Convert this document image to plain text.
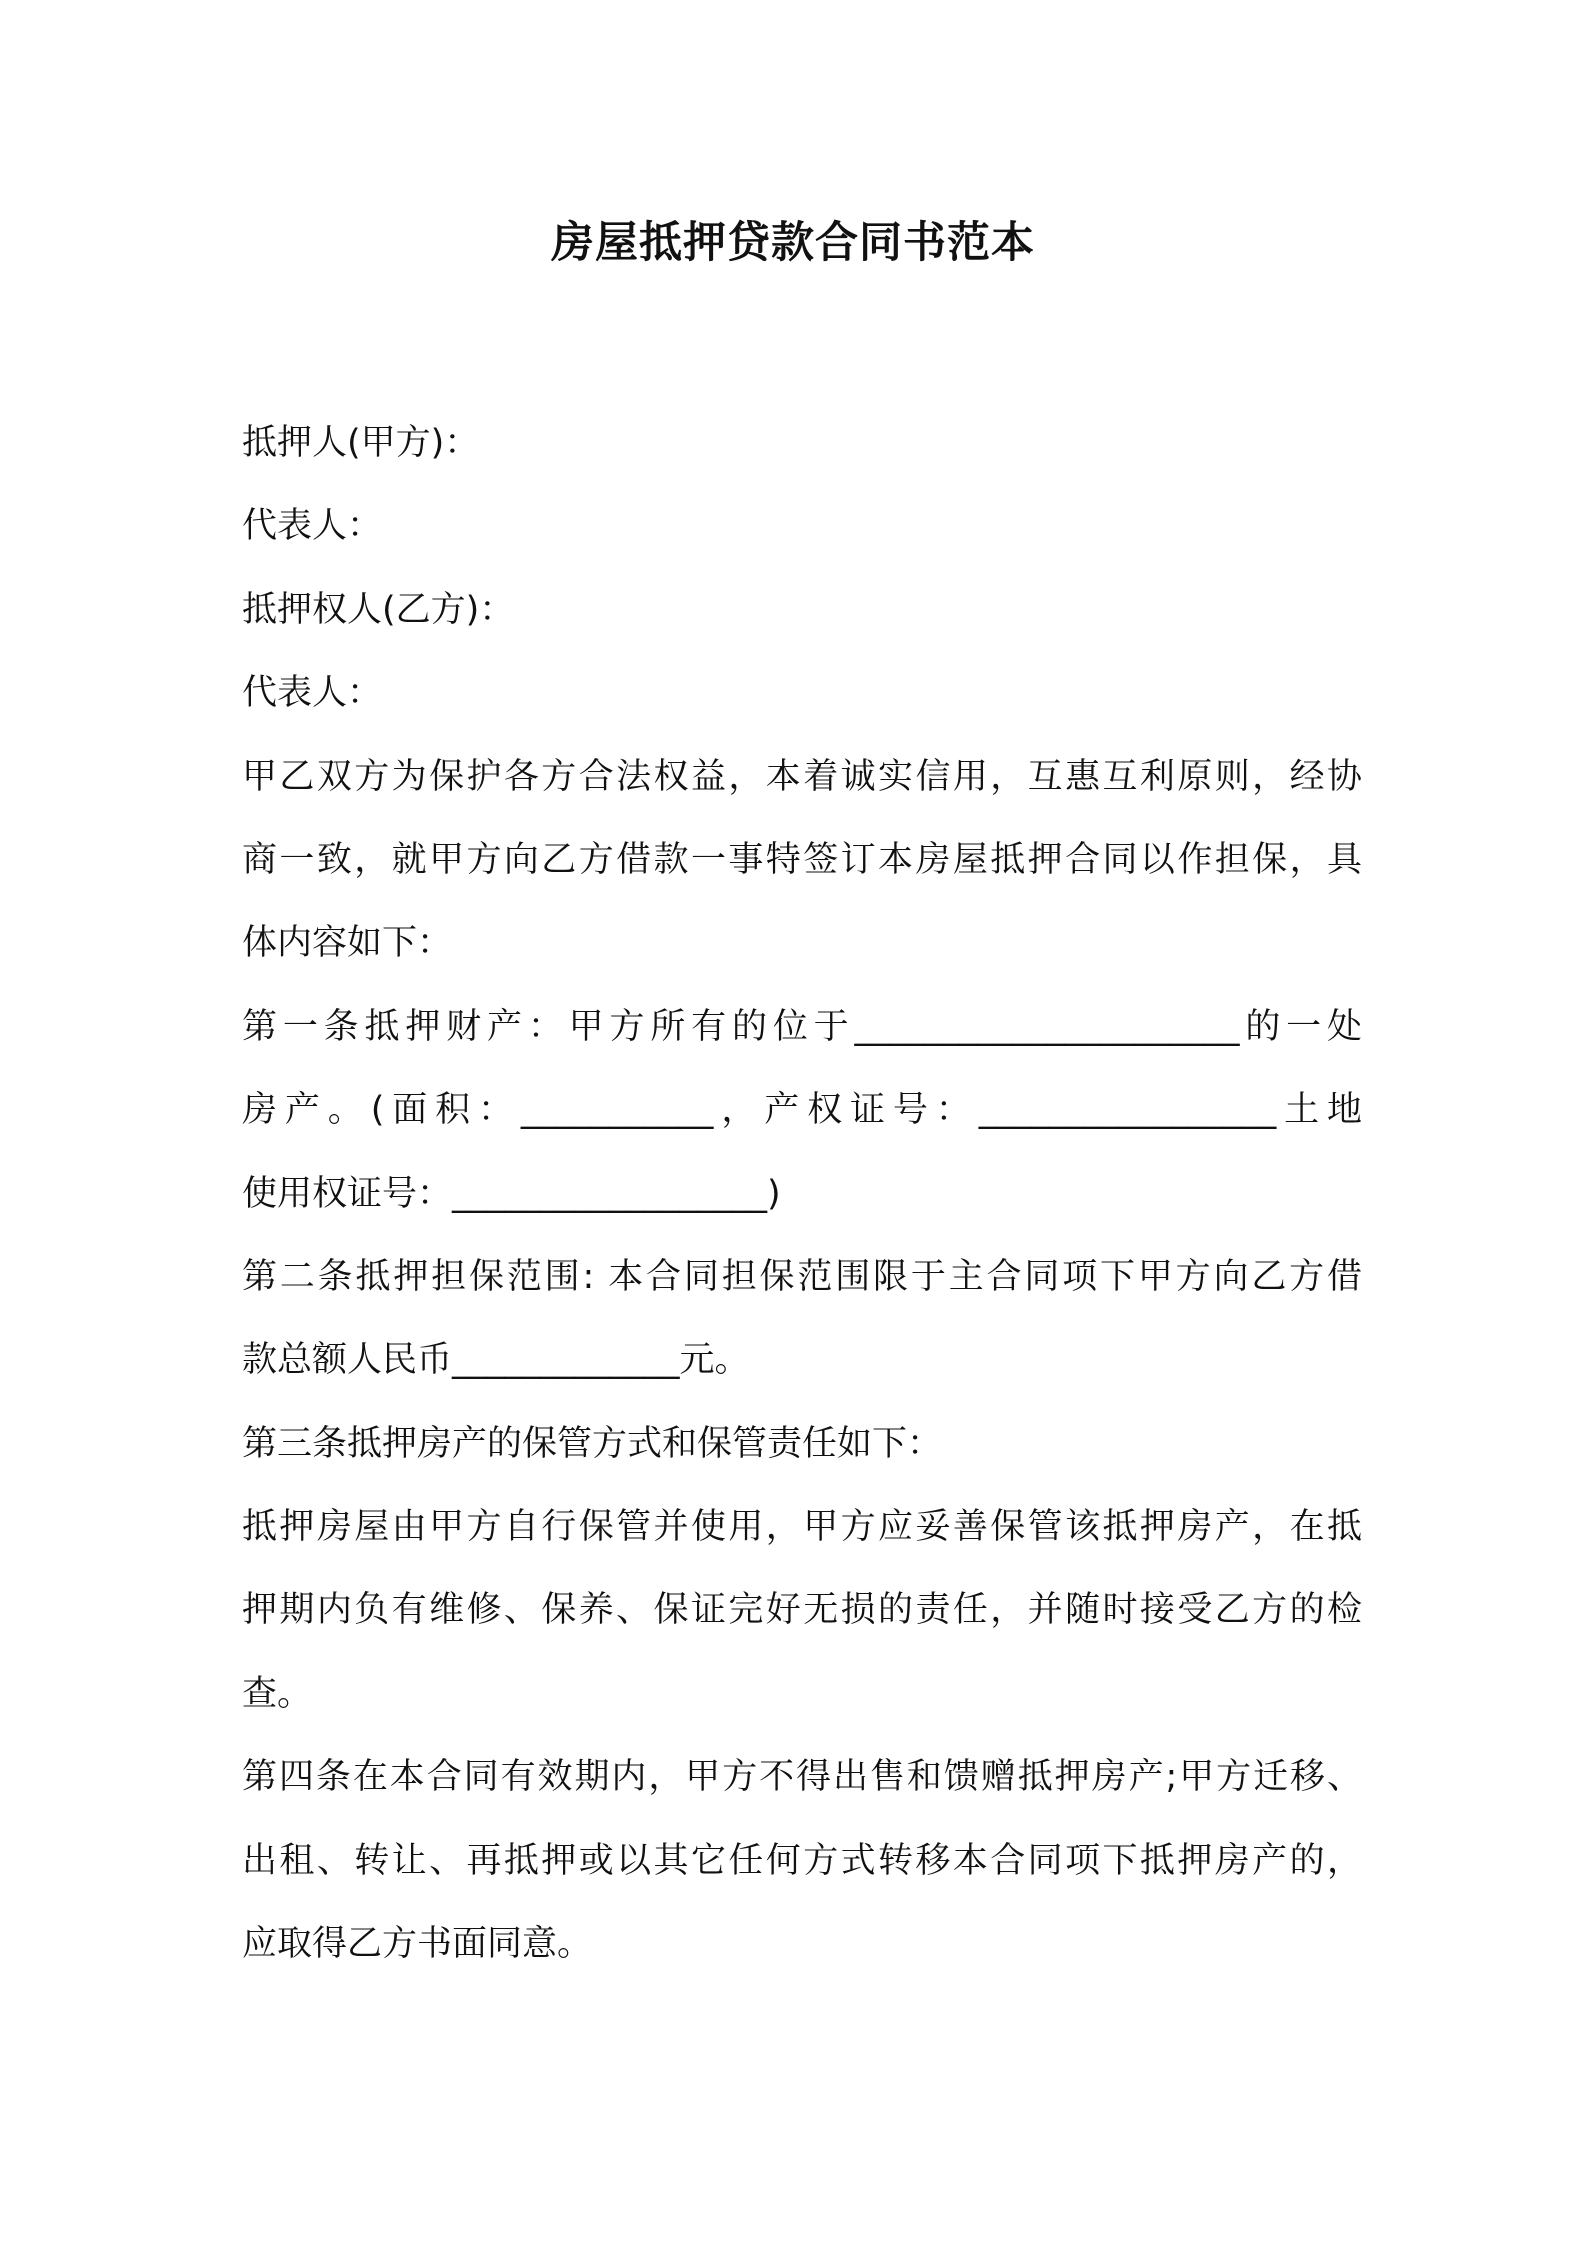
房屋抵押贷款合同书范本
抵押人(甲方)：
代表人：
抵押权人(乙方)：
代表人：
甲乙双方为保护各方合法权益，本着诚实信用，互惠互利原则，经协
商一致，就甲方向乙方借款一事特签订本房屋抵押合同以作担保，具
体内容如下：
第一条抵押财产：甲方所有的位于______________________的一处
房产。(面积：___________，产权证号：_________________土地
使用权证号：__________________)
第二条抵押担保范围: 本合同担保范围限于主合同项下甲方向乙方借
款总额人民币_____________元。
第三条抵押房产的保管方式和保管责任如下：
抵押房屋由甲方自行保管并使用，甲方应妥善保管该抵押房产，在抵
押期内负有维修、保养、保证完好无损的责任，并随时接受乙方的检
查。
第四条在本合同有效期内，甲方不得出售和馈赠抵押房产;甲方迁移、
出租、转让、再抵押或以其它任何方式转移本合同项下抵押房产的，
应取得乙方书面同意。
